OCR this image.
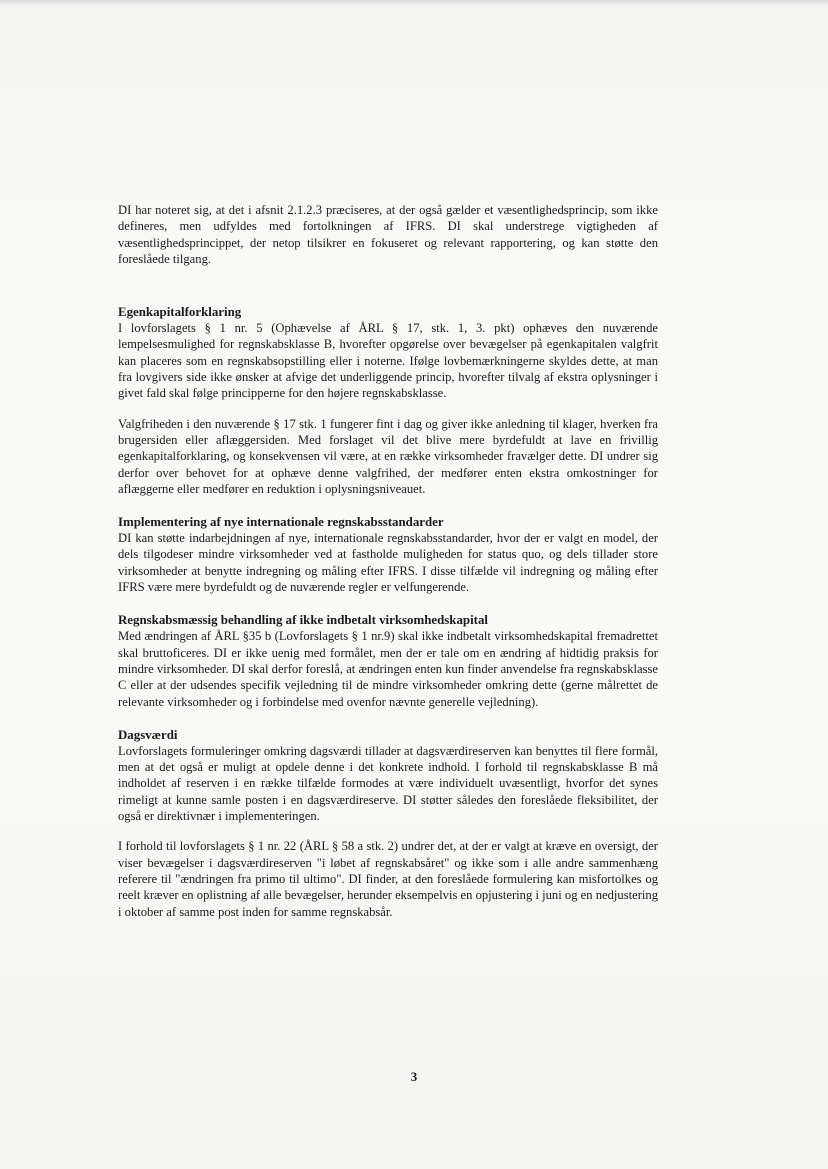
DI har noteret sig, at det i afsnit 2.1.2.3 præciseres, at der også gælder et væsentlighedsprincip, som ikke defineres, men udfyldes med fortolkningen af IFRS. DI skal understrege vigtigheden af væsentlighedsprincippet, der netop tilsikrer en fokuseret og relevant rapportering, og kan støtte den foreslåede tilgang.

Egenkapitalforklaring

I lovforslagets § 1 nr. 5 (Ophævelse af ÅRL § 17, stk. 1, 3. pkt) ophæves den nuværende lempelsesmulighed for regnskabsklasse B, hvorefter opgørelse over bevægelser på egenkapitalen valgfrit kan placeres som en regnskabsopstilling eller i noterne. Ifølge lovbemærkningerne skyldes dette, at man fra lovgivers side ikke ønsker at afvige det underliggende princip, hvorefter tilvalg af ekstra oplysninger i givet fald skal følge principperne for den højere regnskabsklasse.

Valgfriheden i den nuværende § 17 stk. 1 fungerer fint i dag og giver ikke anledning til klager, hverken fra brugersiden eller aflæggersiden. Med forslaget vil det blive mere byrdefuldt at lave en frivillig egenkapitalforklaring, og konsekvensen vil være, at en række virksomheder fravælger dette. DI undrer sig derfor over behovet for at ophæve denne valgfrihed, der medfører enten ekstra omkostninger for aflæggerne eller medfører en reduktion i oplysningsniveauet.

Implementering af nye internationale regnskabsstandarder

DI kan støtte indarbejdningen af nye, internationale regnskabsstandarder, hvor der er valgt en model, der dels tilgodeser mindre virksomheder ved at fastholde muligheden for status quo, og dels tillader store virksomheder at benytte indregning og måling efter IFRS. I disse tilfælde vil indregning og måling efter IFRS være mere byrdefuldt og de nuværende regler er velfungerende.

Regnskabsmæssig behandling af ikke indbetalt virksomhedskapital

Med ændringen af ÅRL §35 b (Lovforslagets § 1 nr.9) skal ikke indbetalt virksomhedskapital fremadrettet skal bruttoficeres. DI er ikke uenig med formålet, men der er tale om en ændring af hidtidig praksis for mindre virksomheder. DI skal derfor foreslå, at ændringen enten kun finder anvendelse fra regnskabsklasse C eller at der udsendes specifik vejledning til de mindre virksomheder omkring dette (gerne målrettet de relevante virksomheder og i forbindelse med ovenfor nævnte generelle vejledning).

Dagsværdi

Lovforslagets formuleringer omkring dagsværdi tillader at dagsværdireserven kan benyttes til flere formål, men at det også er muligt at opdele denne i det konkrete indhold. I forhold til regnskabsklasse B må indholdet af reserven i en række tilfælde formodes at være individuelt uvæsentligt, hvorfor det synes rimeligt at kunne samle posten i en dagsværdireserve. DI støtter således den foreslåede fleksibilitet, der også er direktivnær i implementeringen.

I forhold til lovforslagets § 1 nr. 22 (ÅRL § 58 a stk. 2) undrer det, at der er valgt at kræve en oversigt, der viser bevægelser i dagsværdireserven "i løbet af regnskabsåret" og ikke som i alle andre sammenhæng referere til "ændringen fra primo til ultimo". DI finder, at den foreslåede formulering kan misfortolkes og reelt kræver en oplistning af alle bevægelser, herunder eksempelvis en opjustering i juni og en nedjustering i oktober af samme post inden for samme regnskabsår.

3
